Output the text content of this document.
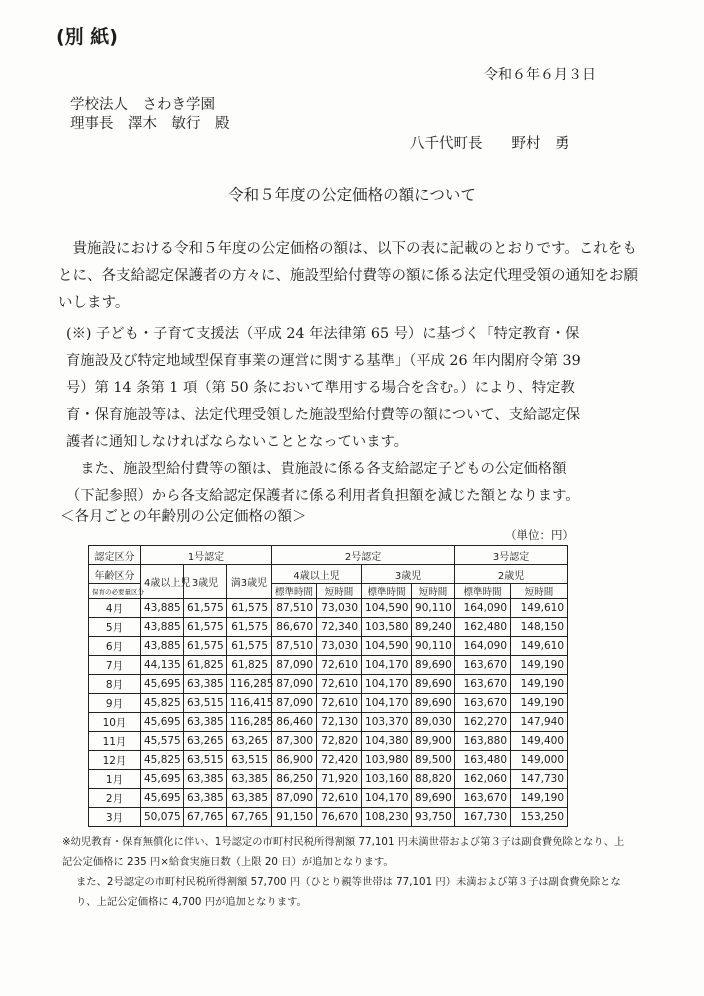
(別 紙)
令和６年６月３日
学校法人　さわき学園
理事長　澤木　敏行　殿
八千代町長　　野村　勇
令和５年度の公定価格の額について

　貴施設における令和５年度の公定価格の額は、以下の表に記載のとおりです。これをもとに、各支給認定保護者の方々に、施設型給付費等の額に係る法定代理受領の通知をお願いします。

(※) 子ども・子育て支援法（平成 24 年法律第 65 号）に基づく「特定教育・保育施設及び特定地域型保育事業の運営に関する基準」（平成 26 年内閣府令第 39 号）第 14 条第 1 項（第 50 条において準用する場合を含む。）により、特定教育・保育施設等は、法定代理受領した施設型給付費等の額について、支給認定保護者に通知しなければならないこととなっています。

また、施設型給付費等の額は、貴施設に係る各支給認定子どもの公定価格額（下記参照）から各支給認定保護者に係る利用者負担額を減じた額となります。

＜各月ごとの年齢別の公定価格の額＞
（単位：円）
認定区分	1号認定			2号認定				3号認定	
年齢区分	4歳以上児	3歳児	満3歳児	4歳以上児		3歳児		2歳児	
保育の必要量区分				標準時間	短時間	標準時間	短時間	標準時間	短時間
4月	43,885	61,575	61,575	87,510	73,030	104,590	90,110	164,090	149,610
5月	43,885	61,575	61,575	86,670	72,340	103,580	89,240	162,480	148,150
6月	43,885	61,575	61,575	87,510	73,030	104,590	90,110	164,090	149,610
7月	44,135	61,825	61,825	87,090	72,610	104,170	89,690	163,670	149,190
8月	45,695	63,385	116,285	87,090	72,610	104,170	89,690	163,670	149,190
9月	45,825	63,515	116,415	87,090	72,610	104,170	89,690	163,670	149,190
10月	45,695	63,385	116,285	86,460	72,130	103,370	89,030	162,270	147,940
11月	45,575	63,265	63,265	87,300	72,820	104,380	89,900	163,880	149,400
12月	45,825	63,515	63,515	86,900	72,420	103,980	89,500	163,480	149,000
1月	45,695	63,385	63,385	86,250	71,920	103,160	88,820	162,060	147,730
2月	45,695	63,385	63,385	87,090	72,610	104,170	89,690	163,670	149,190
3月	50,075	67,765	67,765	91,150	76,670	108,230	93,750	167,730	153,250

※幼児教育・保育無償化に伴い、1号認定の市町村民税所得割額 77,101 円未満世帯および第３子は副食費免除となり、上記公定価格に 235 円×給食実施日数（上限 20 日）が追加となります。

また、2号認定の市町村民税所得割額 57,700 円（ひとり親等世帯は 77,101 円）未満および第３子は副食費免除となり、上記公定価格に 4,700 円が追加となります。
